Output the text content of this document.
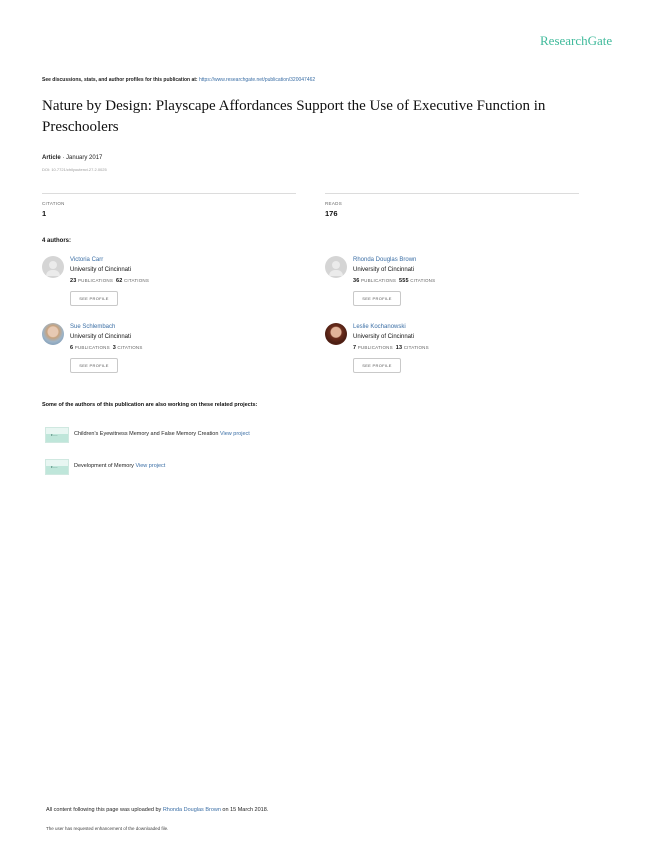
ResearchGate
See discussions, stats, and author profiles for this publication at: https://www.researchgate.net/publication/320047462
Nature by Design: Playscape Affordances Support the Use of Executive Function in Preschoolers
Article · January 2017
DOI: 10.7721/chilyoutenvi.27.2.0025
CITATION
1
READS
176
4 authors:
Victoria Carr
University of Cincinnati
23 PUBLICATIONS 62 CITATIONS
SEE PROFILE
Rhonda Douglas Brown
University of Cincinnati
36 PUBLICATIONS 555 CITATIONS
SEE PROFILE
Sue Schlembach
University of Cincinnati
6 PUBLICATIONS 3 CITATIONS
SEE PROFILE
Leslie Kochanowski
University of Cincinnati
7 PUBLICATIONS 13 CITATIONS
SEE PROFILE
Some of the authors of this publication are also working on these related projects:
▸‒‒
Children's Eyewitness Memory and False Memory Creation View project
▸‒‒
Development of Memory View project
All content following this page was uploaded by Rhonda Douglas Brown on 15 March 2018.
The user has requested enhancement of the downloaded file.
